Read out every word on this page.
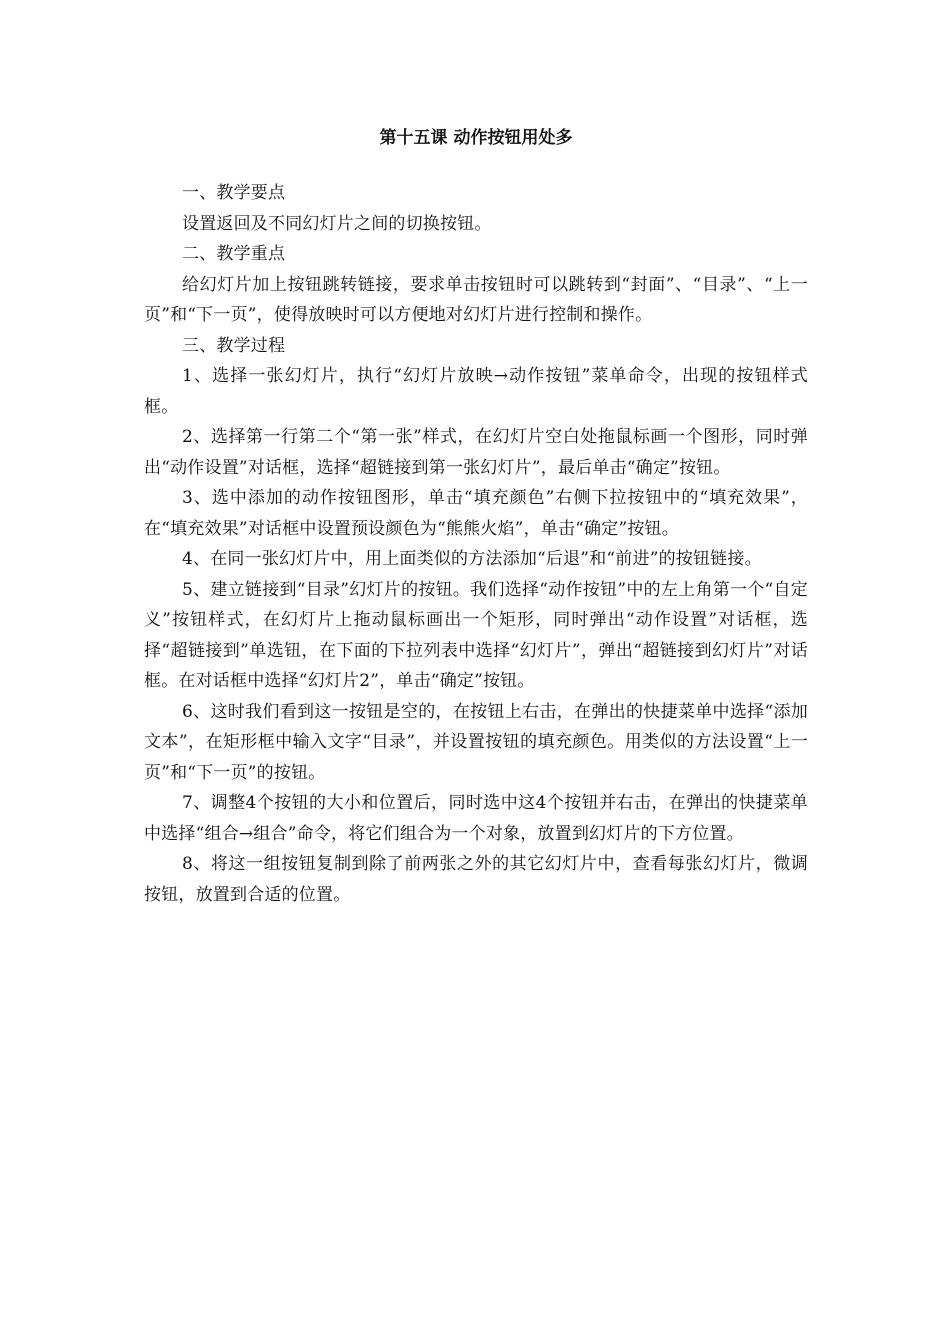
第十五课 动作按钮用处多

一、教学要点

设置返回及不同幻灯片之间的切换按钮。

二、教学重点

给幻灯片加上按钮跳转链接，要求单击按钮时可以跳转到“封面”、“目录”、“上一页”和“下一页”，使得放映时可以方便地对幻灯片进行控制和操作。

三、教学过程

1、选择一张幻灯片，执行“幻灯片放映→动作按钮”菜单命令，出现的按钮样式框。

2、选择第一行第二个“第一张”样式，在幻灯片空白处拖鼠标画一个图形，同时弹出“动作设置”对话框，选择“超链接到第一张幻灯片”，最后单击“确定”按钮。

3、选中添加的动作按钮图形，单击“填充颜色”右侧下拉按钮中的“填充效果”，在“填充效果”对话框中设置预设颜色为“熊熊火焰”，单击“确定”按钮。

4、在同一张幻灯片中，用上面类似的方法添加“后退”和“前进”的按钮链接。

5、建立链接到“目录”幻灯片的按钮。我们选择“动作按钮”中的左上角第一个“自定义”按钮样式，在幻灯片上拖动鼠标画出一个矩形，同时弹出“动作设置”对话框，选择“超链接到”单选钮，在下面的下拉列表中选择“幻灯片”，弹出“超链接到幻灯片”对话框。在对话框中选择“幻灯片2”，单击“确定”按钮。

6、这时我们看到这一按钮是空的，在按钮上右击，在弹出的快捷菜单中选择“添加文本”，在矩形框中输入文字“目录”，并设置按钮的填充颜色。用类似的方法设置“上一页”和“下一页”的按钮。

7、调整4个按钮的大小和位置后，同时选中这4个按钮并右击，在弹出的快捷菜单中选择“组合→组合”命令，将它们组合为一个对象，放置到幻灯片的下方位置。

8、将这一组按钮复制到除了前两张之外的其它幻灯片中，查看每张幻灯片，微调按钮，放置到合适的位置。
